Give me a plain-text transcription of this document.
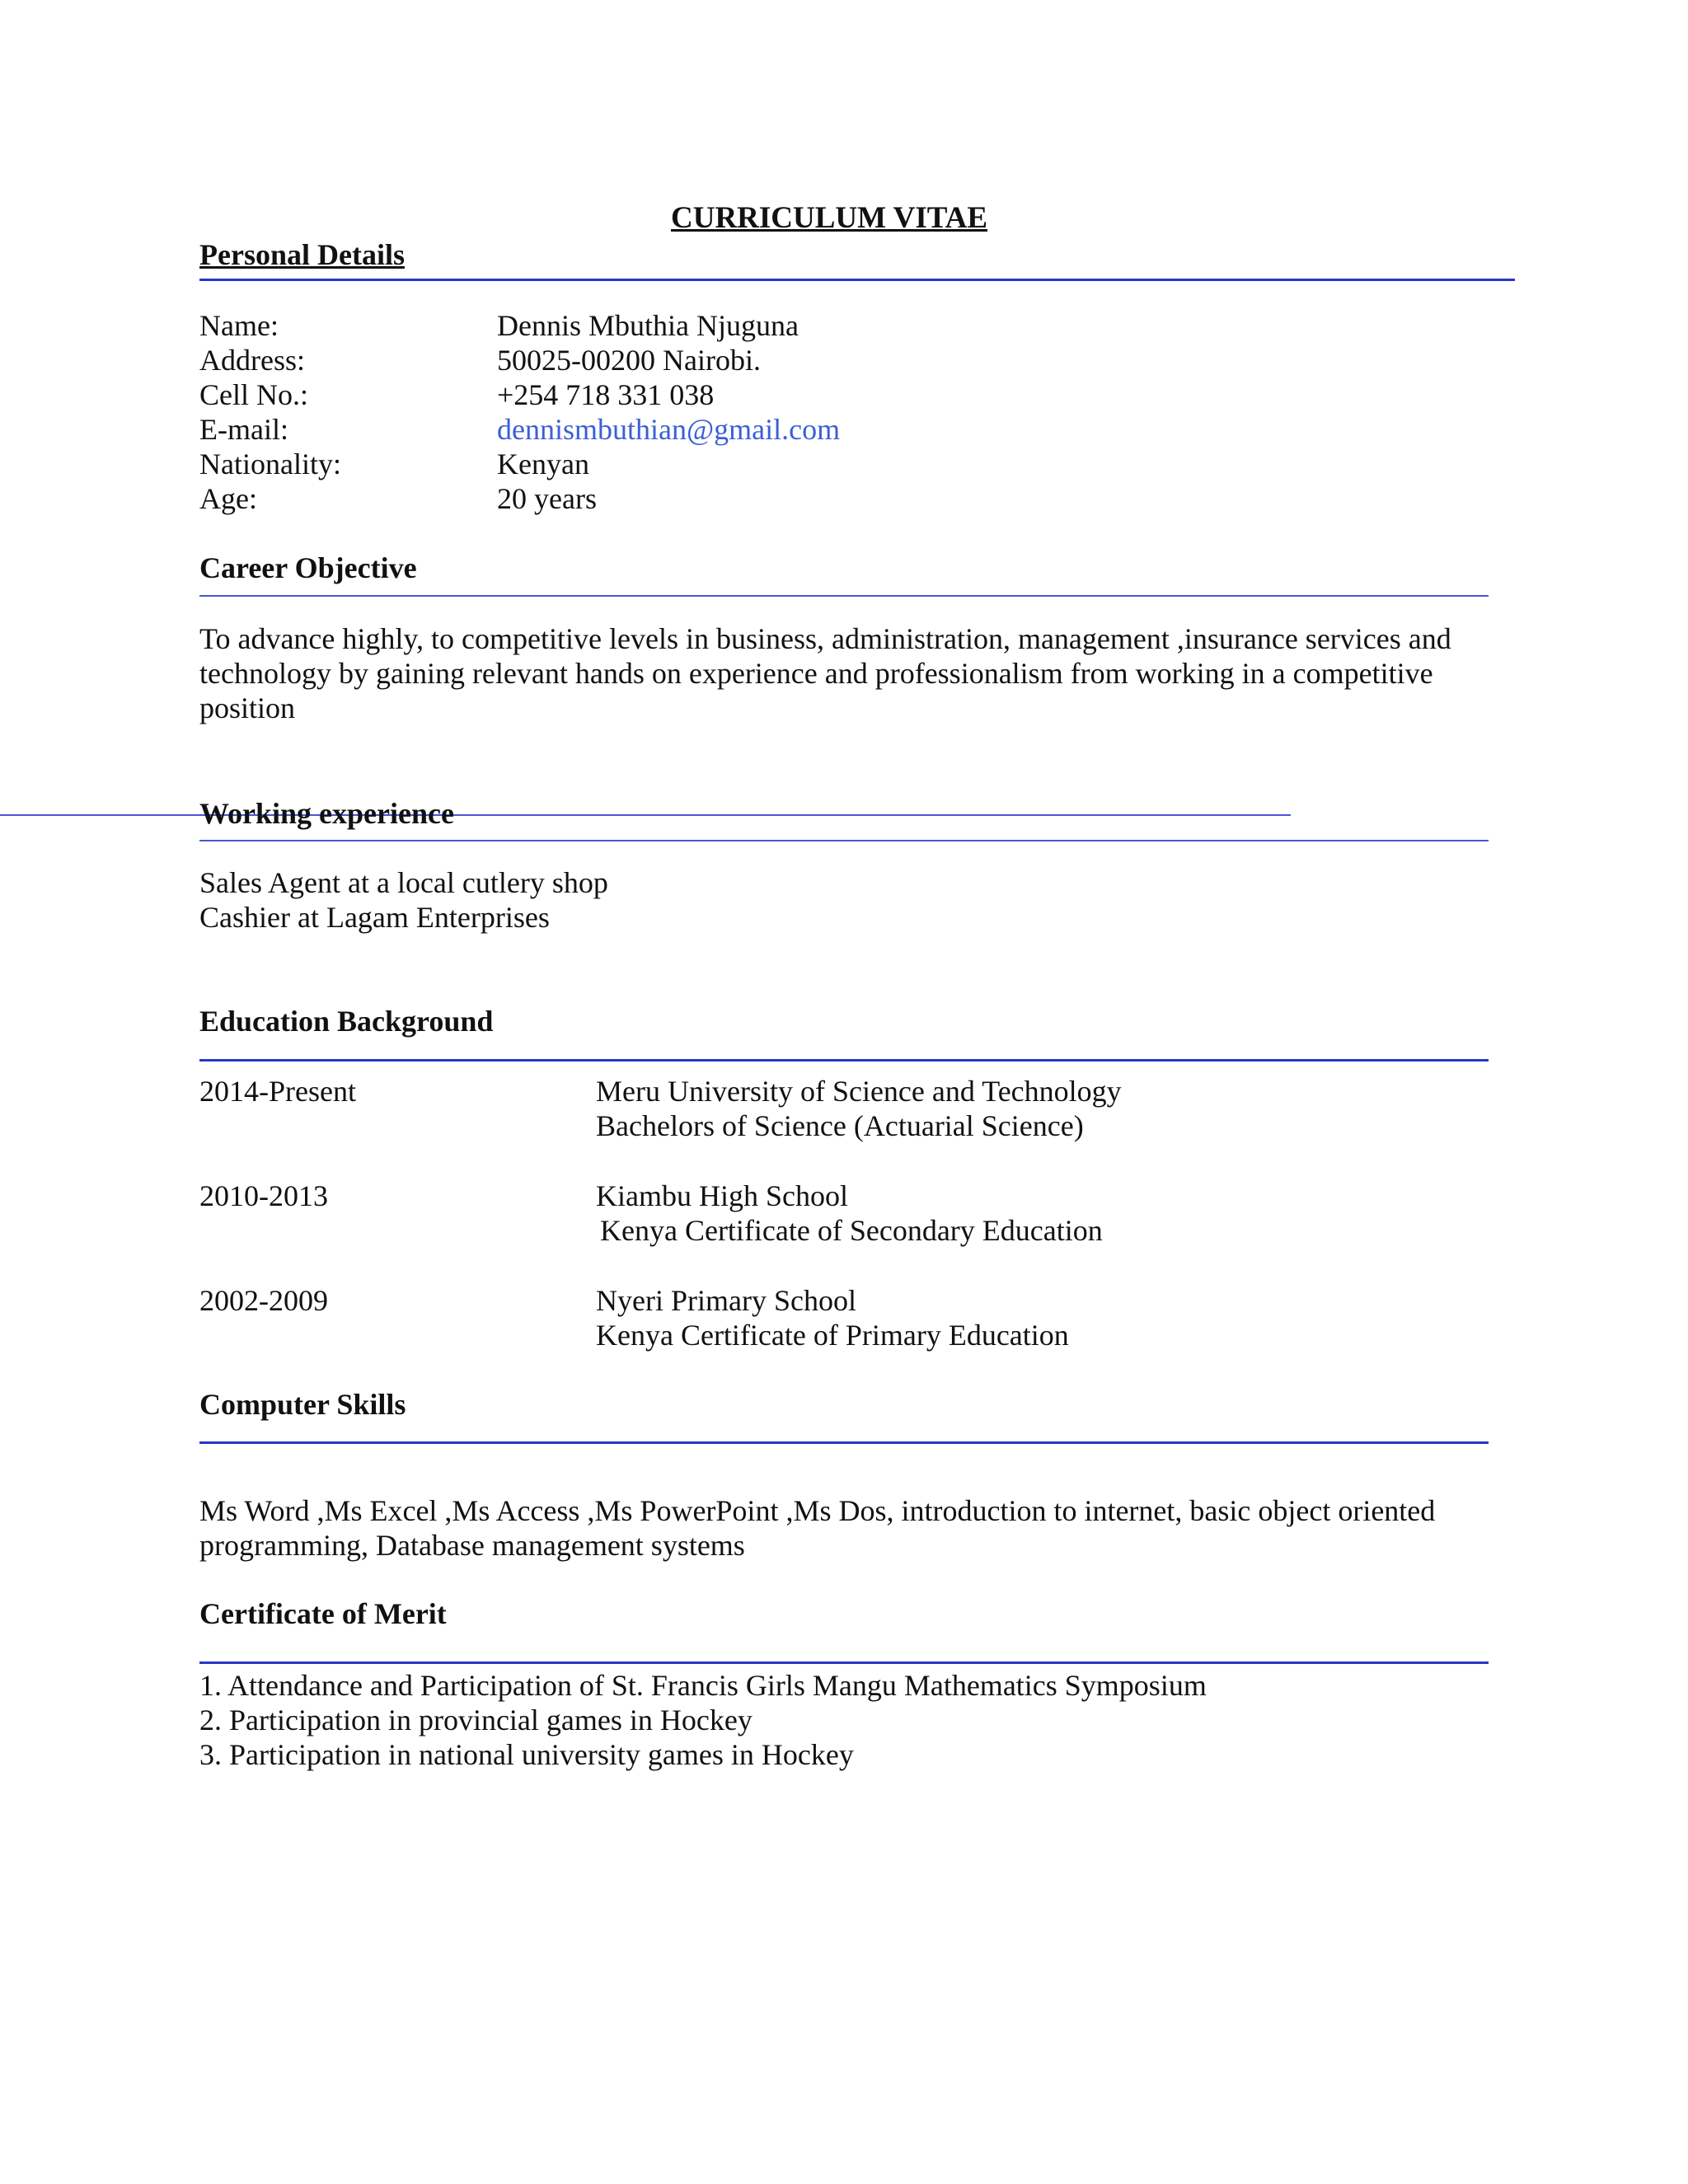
CURRICULUM VITAE
Personal Details
Name:	Dennis Mbuthia Njuguna
Address:	50025-00200 Nairobi.
Cell No.:	+254 718 331 038
E-mail:	dennismbuthian@gmail.com
Nationality:	Kenyan
Age:	20 years
Career Objective
To advance highly, to competitive levels in business, administration, management ,insurance services and technology by gaining relevant hands on experience and professionalism from working in a competitive position
Working experience
Sales Agent at a local cutlery shop
Cashier at Lagam Enterprises
Education Background
2014-Present	Meru University of Science and Technology
Bachelors of Science (Actuarial Science)
2010-2013	Kiambu High School
Kenya Certificate of Secondary Education
2002-2009	Nyeri Primary School
Kenya Certificate of Primary Education
Computer Skills
Ms Word ,Ms Excel ,Ms Access ,Ms PowerPoint ,Ms Dos, introduction to internet, basic object oriented programming, Database management systems
Certificate of Merit
1. Attendance and Participation of St. Francis Girls Mangu Mathematics Symposium
2. Participation in provincial games in Hockey
3. Participation in national university games in Hockey
